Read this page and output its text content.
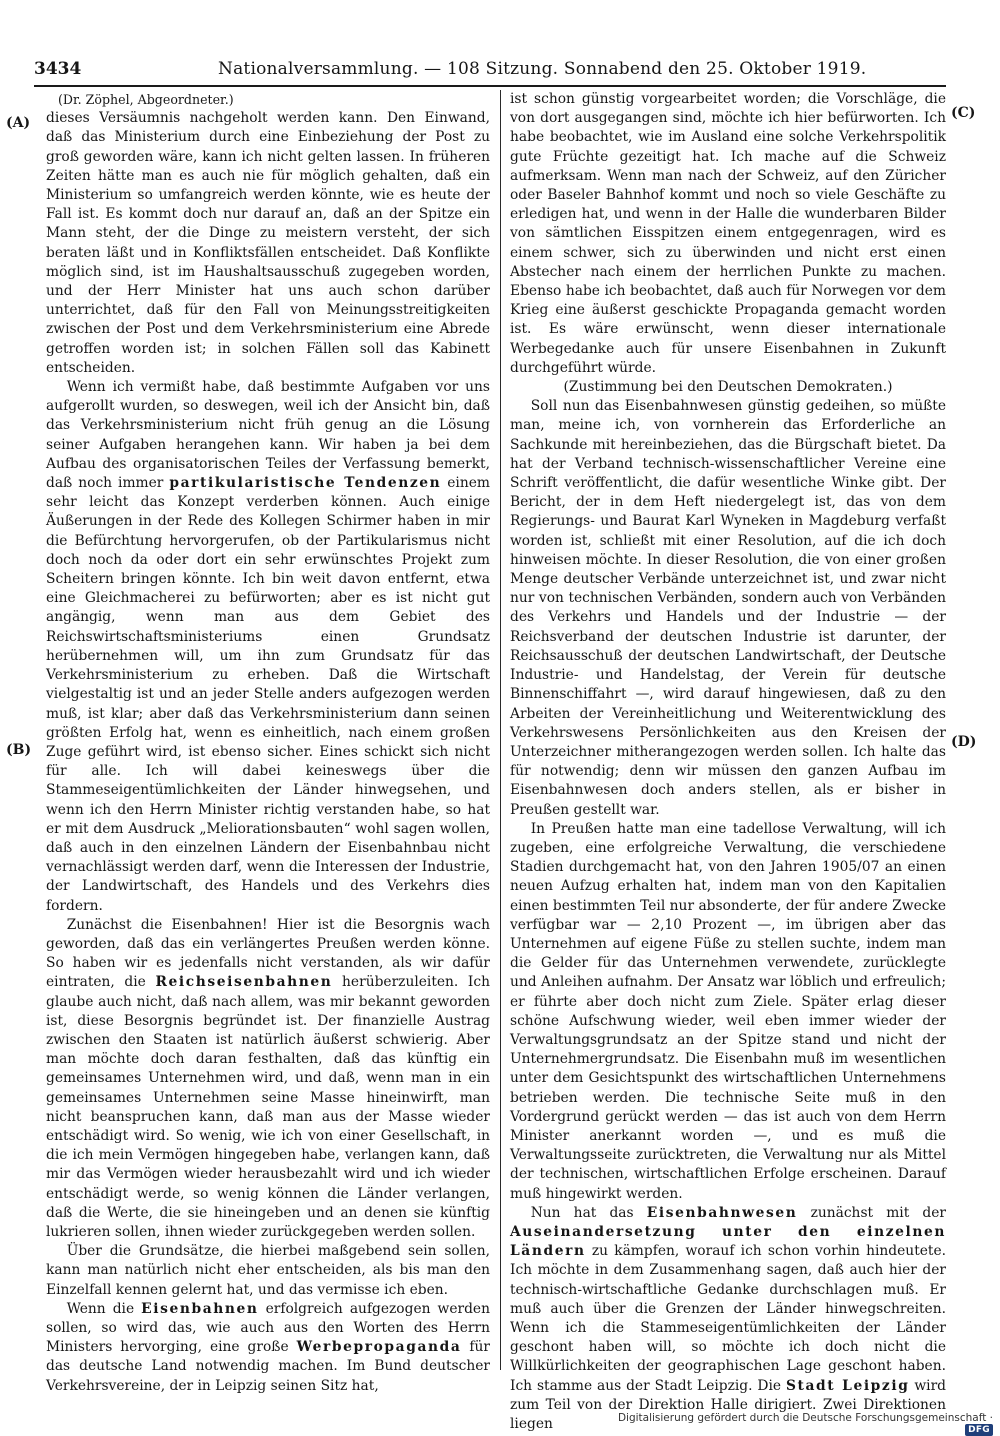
3434	Nationalversammlung. — 108 Sitzung. Sonnabend den 25. Oktober 1919.
(A)
(B)
(C)
(D)

(Dr. Zöphel, Abgeordneter.)

dieses Versäumnis nachgeholt werden kann. Den Einwand, daß das Ministerium durch eine Einbeziehung der Post zu groß geworden wäre, kann ich nicht gelten lassen. In früheren Zeiten hätte man es auch nie für möglich gehalten, daß ein Ministerium so umfangreich werden könnte, wie es heute der Fall ist. Es kommt doch nur darauf an, daß an der Spitze ein Mann steht, der die Dinge zu meistern versteht, der sich beraten läßt und in Konfliktsfällen entscheidet. Daß Konflikte möglich sind, ist im Haushaltsausschuß zugegeben worden, und der Herr Minister hat uns auch schon darüber unterrichtet, daß für den Fall von Meinungsstreitigkeiten zwischen der Post und dem Verkehrsministerium eine Abrede getroffen worden ist; in solchen Fällen soll das Kabinett entscheiden.

Wenn ich vermißt habe, daß bestimmte Aufgaben vor uns aufgerollt wurden, so deswegen, weil ich der Ansicht bin, daß das Verkehrsministerium nicht früh genug an die Lösung seiner Aufgaben herangehen kann. Wir haben ja bei dem Aufbau des organisatorischen Teiles der Verfassung bemerkt, daß noch immer partikularistische Tendenzen einem sehr leicht das Konzept verderben können. Auch einige Äußerungen in der Rede des Kollegen Schirmer haben in mir die Befürchtung hervorgerufen, ob der Partikularismus nicht doch noch da oder dort ein sehr erwünschtes Projekt zum Scheitern bringen könnte. Ich bin weit davon entfernt, etwa eine Gleichmacherei zu befürworten; aber es ist nicht gut angängig, wenn man aus dem Gebiet des Reichswirtschaftsministeriums einen Grundsatz herübernehmen will, um ihn zum Grundsatz für das Verkehrsministerium zu erheben. Daß die Wirtschaft vielgestaltig ist und an jeder Stelle anders aufgezogen werden muß, ist klar; aber daß das Verkehrsministerium dann seinen größten Erfolg hat, wenn es einheitlich, nach einem großen Zuge geführt wird, ist ebenso sicher. Eines schickt sich nicht für alle. Ich will dabei keineswegs über die Stammeseigentümlichkeiten der Länder hinwegsehen, und wenn ich den Herrn Minister richtig verstanden habe, so hat er mit dem Ausdruck „Meliorationsbauten“ wohl sagen wollen, daß auch in den einzelnen Ländern der Eisenbahnbau nicht vernachlässigt werden darf, wenn die Interessen der Industrie, der Landwirtschaft, des Handels und des Verkehrs dies fordern.

Zunächst die Eisenbahnen! Hier ist die Besorgnis wach geworden, daß das ein verlängertes Preußen werden könne. So haben wir es jedenfalls nicht verstanden, als wir dafür eintraten, die Reichseisenbahnen herüberzuleiten. Ich glaube auch nicht, daß nach allem, was mir bekannt geworden ist, diese Besorgnis begründet ist. Der finanzielle Austrag zwischen den Staaten ist natürlich äußerst schwierig. Aber man möchte doch daran festhalten, daß das künftig ein gemeinsames Unternehmen wird, und daß, wenn man in ein gemeinsames Unternehmen seine Masse hineinwirft, man nicht beanspruchen kann, daß man aus der Masse wieder entschädigt wird. So wenig, wie ich von einer Gesellschaft, in die ich mein Vermögen hingegeben habe, verlangen kann, daß mir das Vermögen wieder herausbezahlt wird und ich wieder entschädigt werde, so wenig können die Länder verlangen, daß die Werte, die sie hineingeben und an denen sie künftig lukrieren sollen, ihnen wieder zurückgegeben werden sollen.

Über die Grundsätze, die hierbei maßgebend sein sollen, kann man natürlich nicht eher entscheiden, als bis man den Einzelfall kennen gelernt hat, und das vermisse ich eben.

Wenn die Eisenbahnen erfolgreich aufgezogen werden sollen, so wird das, wie auch aus den Worten des Herrn Ministers hervorging, eine große Werbepropaganda für das deutsche Land notwendig machen. Im Bund deutscher Verkehrsvereine, der in Leipzig seinen Sitz hat,

ist schon günstig vorgearbeitet worden; die Vorschläge, die von dort ausgegangen sind, möchte ich hier befürworten. Ich habe beobachtet, wie im Ausland eine solche Verkehrspolitik gute Früchte gezeitigt hat. Ich mache auf die Schweiz aufmerksam. Wenn man nach der Schweiz, auf den Züricher oder Baseler Bahnhof kommt und noch so viele Geschäfte zu erledigen hat, und wenn in der Halle die wunderbaren Bilder von sämtlichen Eisspitzen einem entgegenragen, wird es einem schwer, sich zu überwinden und nicht erst einen Abstecher nach einem der herrlichen Punkte zu machen. Ebenso habe ich beobachtet, daß auch für Norwegen vor dem Krieg eine äußerst geschickte Propaganda gemacht worden ist. Es wäre erwünscht, wenn dieser internationale Werbegedanke auch für unsere Eisenbahnen in Zukunft durchgeführt würde.

(Zustimmung bei den Deutschen Demokraten.)

Soll nun das Eisenbahnwesen günstig gedeihen, so müßte man, meine ich, von vornherein das Erforderliche an Sachkunde mit hereinbeziehen, das die Bürgschaft bietet. Da hat der Verband technisch-wissenschaftlicher Vereine eine Schrift veröffentlicht, die dafür wesentliche Winke gibt. Der Bericht, der in dem Heft niedergelegt ist, das von dem Regierungs- und Baurat Karl Wyneken in Magdeburg verfaßt worden ist, schließt mit einer Resolution, auf die ich doch hinweisen möchte. In dieser Resolution, die von einer großen Menge deutscher Verbände unterzeichnet ist, und zwar nicht nur von technischen Verbänden, sondern auch von Verbänden des Verkehrs und Handels und der Industrie — der Reichsverband der deutschen Industrie ist darunter, der Reichsausschuß der deutschen Landwirtschaft, der Deutsche Industrie- und Handelstag, der Verein für deutsche Binnenschiffahrt —, wird darauf hingewiesen, daß zu den Arbeiten der Vereinheitlichung und Weiterentwicklung des Verkehrswesens Persönlichkeiten aus den Kreisen der Unterzeichner mitherangezogen werden sollen. Ich halte das für notwendig; denn wir müssen den ganzen Aufbau im Eisenbahnwesen doch anders stellen, als er bisher in Preußen gestellt war.

In Preußen hatte man eine tadellose Verwaltung, will ich zugeben, eine erfolgreiche Verwaltung, die verschiedene Stadien durchgemacht hat, von den Jahren 1905/07 an einen neuen Aufzug erhalten hat, indem man von den Kapitalien einen bestimmten Teil nur absonderte, der für andere Zwecke verfügbar war — 2,10 Prozent —, im übrigen aber das Unternehmen auf eigene Füße zu stellen suchte, indem man die Gelder für das Unternehmen verwendete, zurücklegte und Anleihen aufnahm. Der Ansatz war löblich und erfreulich; er führte aber doch nicht zum Ziele. Später erlag dieser schöne Aufschwung wieder, weil eben immer wieder der Verwaltungsgrundsatz an der Spitze stand und nicht der Unternehmergrundsatz. Die Eisenbahn muß im wesentlichen unter dem Gesichtspunkt des wirtschaftlichen Unternehmens betrieben werden. Die technische Seite muß in den Vordergrund gerückt werden — das ist auch von dem Herrn Minister anerkannt worden —, und es muß die Verwaltungsseite zurücktreten, die Verwaltung nur als Mittel der technischen, wirtschaftlichen Erfolge erscheinen. Darauf muß hingewirkt werden.

Nun hat das Eisenbahnwesen zunächst mit der Auseinandersetzung unter den einzelnen Ländern zu kämpfen, worauf ich schon vorhin hindeutete. Ich möchte in dem Zusammenhang sagen, daß auch hier der technisch-wirtschaftliche Gedanke durchschlagen muß. Er muß auch über die Grenzen der Länder hinwegschreiten. Wenn ich die Stammeseigentümlichkeiten der Länder geschont haben will, so möchte ich doch nicht die Willkürlichkeiten der geographischen Lage geschont haben. Ich stamme aus der Stadt Leipzig. Die Stadt Leipzig wird zum Teil von der Direktion Halle dirigiert. Zwei Direktionen liegen	Digitalisierung gefördert durch die Deutsche Forschungsgemeinschaft · DFG
